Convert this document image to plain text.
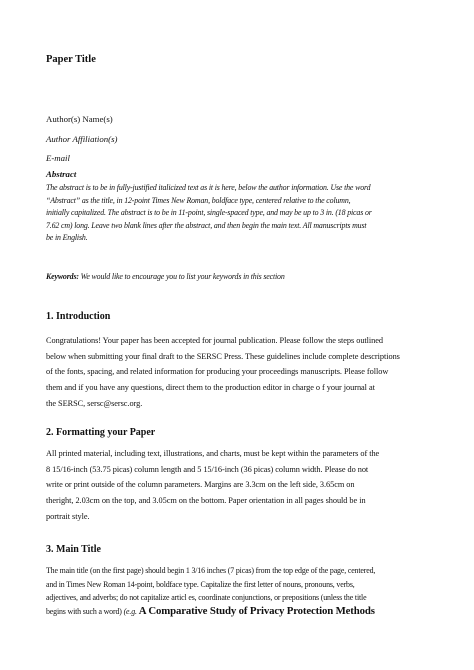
Paper Title
Author(s) Name(s)
Author Affiliation(s)
E-mail
Abstract
The abstract is to be in fully-justified italicized text as it is here, below the author information. Use the word
“Abstract” as the title, in 12-point Times New Roman, boldface type, centered relative to the column,
initially capitalized. The abstract is to be in 11-point, single-spaced type, and may be up to 3 in. (18 picas or
7.62 cm) long. Leave two blank lines after the abstract, and then begin the main text. All manuscripts must
be in English.
Keywords: We would like to encourage you to list your keywords in this section
1. Introduction
Congratulations! Your paper has been accepted for journal publication. Please follow the steps outlined
below when submitting your final draft to the SERSC Press. These guidelines include complete descriptions
of the fonts, spacing, and related information for producing your proceedings manuscripts. Please follow
them and if you have any questions, direct them to the production editor in charge o f your journal at
the SERSC, sersc@sersc.org.
2. Formatting your Paper
All printed material, including text, illustrations, and charts, must be kept within the parameters of the
8 15/16-inch (53.75 picas) column length and 5 15/16-inch (36 picas) column width. Please do not
write or print outside of the column parameters. Margins are 3.3cm on the left side, 3.65cm on
theright, 2.03cm on the top, and 3.05cm on the bottom. Paper orientation in all pages should be in
portrait style.
3. Main Title
The main title (on the first page) should begin 1 3/16 inches (7 picas) from the top edge of the page, centered,
and in Times New Roman 14-point, boldface type. Capitalize the first letter of nouns, pronouns, verbs,
adjectives, and adverbs; do not capitalize articl es, coordinate conjunctions, or prepositions (unless the title
begins with such a word) (e.g. A Comparative Study of Privacy Protection Methods
